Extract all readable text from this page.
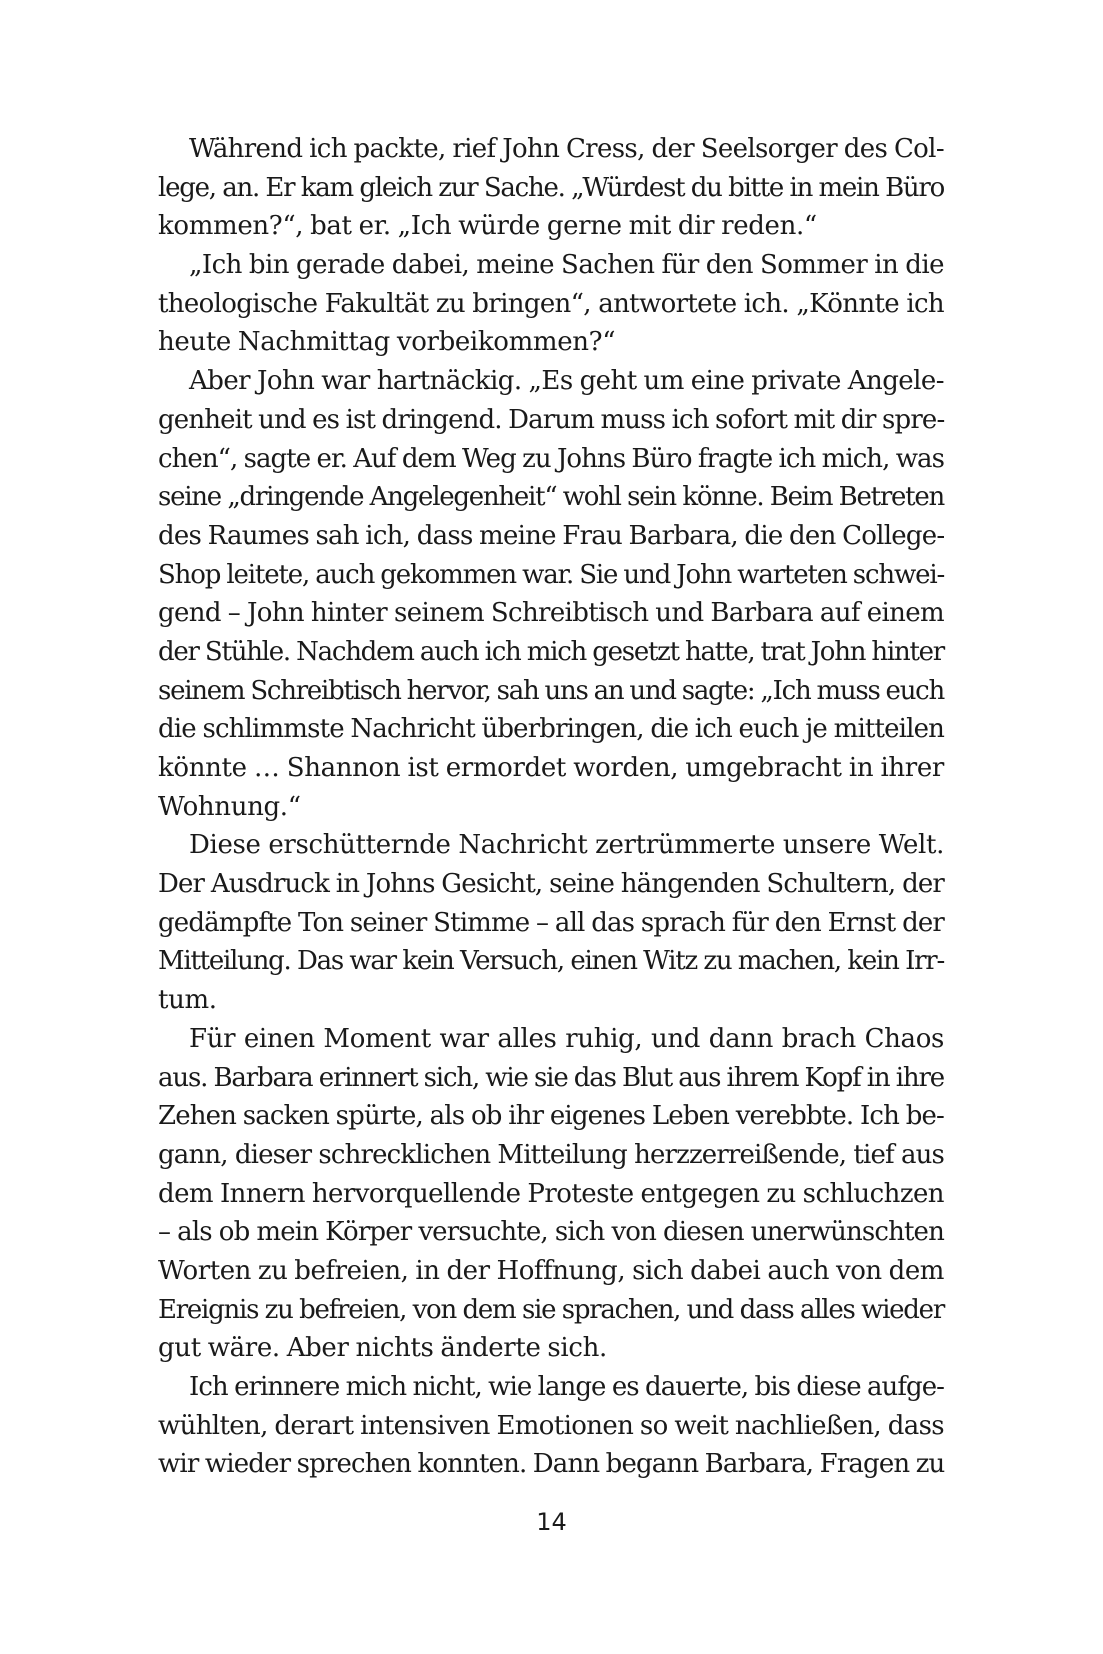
Während ich packte, rief John Cress, der Seelsorger des Col-
lege, an. Er kam gleich zur Sache. „Würdest du bitte in mein Büro
kommen?“, bat er. „Ich würde gerne mit dir reden.“
„Ich bin gerade dabei, meine Sachen für den Sommer in die
theologische Fakultät zu bringen“, antwortete ich. „Könnte ich
heute Nachmittag vorbeikommen?“
Aber John war hartnäckig. „Es geht um eine private Angele-
genheit und es ist dringend. Darum muss ich sofort mit dir spre-
chen“, sagte er. Auf dem Weg zu Johns Büro fragte ich mich, was
seine „dringende Angelegenheit“ wohl sein könne. Beim Betreten
des Raumes sah ich, dass meine Frau Barbara, die den College-
Shop leitete, auch gekommen war. Sie und John warteten schwei-
gend – John hinter seinem Schreibtisch und Barbara auf einem
der Stühle. Nachdem auch ich mich gesetzt hatte, trat John hinter
seinem Schreibtisch hervor, sah uns an und sagte: „Ich muss euch
die schlimmste Nachricht überbringen, die ich euch je mitteilen
könnte … Shannon ist ermordet worden, umgebracht in ihrer
Wohnung.“
Diese erschütternde Nachricht zertrümmerte unsere Welt.
Der Ausdruck in Johns Gesicht, seine hängenden Schultern, der
gedämpfte Ton seiner Stimme – all das sprach für den Ernst der
Mitteilung. Das war kein Versuch, einen Witz zu machen, kein Irr-
tum.
Für einen Moment war alles ruhig, und dann brach Chaos
aus. Barbara erinnert sich, wie sie das Blut aus ihrem Kopf in ihre
Zehen sacken spürte, als ob ihr eigenes Leben verebbte. Ich be-
gann, dieser schrecklichen Mitteilung herzzerreißende, tief aus
dem Innern hervorquellende Proteste entgegen zu schluchzen
– als ob mein Körper versuchte, sich von diesen unerwünschten
Worten zu befreien, in der Hoffnung, sich dabei auch von dem
Ereignis zu befreien, von dem sie sprachen, und dass alles wieder
gut wäre. Aber nichts änderte sich.
Ich erinnere mich nicht, wie lange es dauerte, bis diese aufge-
wühlten, derart intensiven Emotionen so weit nachließen, dass
wir wieder sprechen konnten. Dann begann Barbara, Fragen zu
14
